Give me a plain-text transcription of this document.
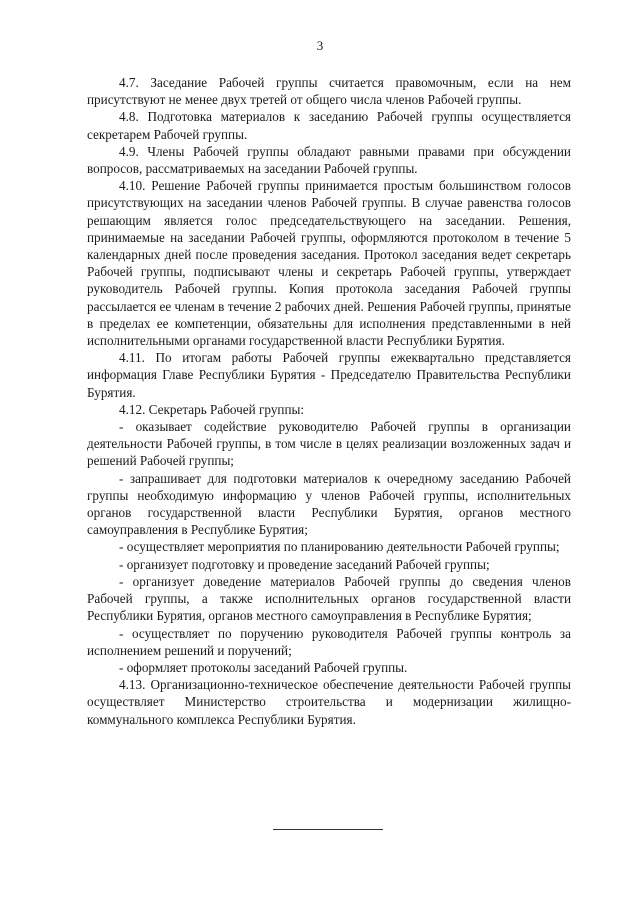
3

4.7. Заседание Рабочей группы считается правомочным, если на нем присутствуют не менее двух третей от общего числа членов Рабочей группы.

4.8. Подготовка материалов к заседанию Рабочей группы осуществляется секретарем Рабочей группы.

4.9. Члены Рабочей группы обладают равными правами при обсуждении вопросов, рассматриваемых на заседании Рабочей группы.

4.10. Решение Рабочей группы принимается простым большинством голосов присутствующих на заседании членов Рабочей группы. В случае равенства голосов решающим является голос председательствующего на заседании. Решения, принимаемые на заседании Рабочей группы, оформляются протоколом в течение 5 календарных дней после проведения заседания. Протокол заседания ведет секретарь Рабочей группы, подписывают члены и секретарь Рабочей группы, утверждает руководитель Рабочей группы. Копия протокола заседания Рабочей группы рассылается ее членам в течение 2 рабочих дней. Решения Рабочей группы, принятые в пределах ее компетенции, обязательны для исполнения представленными в ней исполнительными органами государственной власти Республики Бурятия.

4.11. По итогам работы Рабочей группы ежеквартально представляется информация Главе Республики Бурятия - Председателю Правительства Республики Бурятия.

4.12. Секретарь Рабочей группы:

- оказывает содействие руководителю Рабочей группы в организации деятельности Рабочей группы, в том числе в целях реализации возложенных задач и решений Рабочей группы;

- запрашивает для подготовки материалов к очередному заседанию Рабочей группы необходимую информацию у членов Рабочей группы, исполнительных органов государственной власти Республики Бурятия, органов местного самоуправления в Республике Бурятия;

- осуществляет мероприятия по планированию деятельности Рабочей группы;

- организует подготовку и проведение заседаний Рабочей группы;

- организует доведение материалов Рабочей группы до сведения членов Рабочей группы, а также исполнительных органов государственной власти Республики Бурятия, органов местного самоуправления в Республике Бурятия;

- осуществляет по поручению руководителя Рабочей группы контроль за исполнением решений и поручений;

- оформляет протоколы заседаний Рабочей группы.

4.13. Организационно-техническое обеспечение деятельности Рабочей группы осуществляет Министерство строительства и модернизации жилищно-коммунального комплекса Республики Бурятия.
